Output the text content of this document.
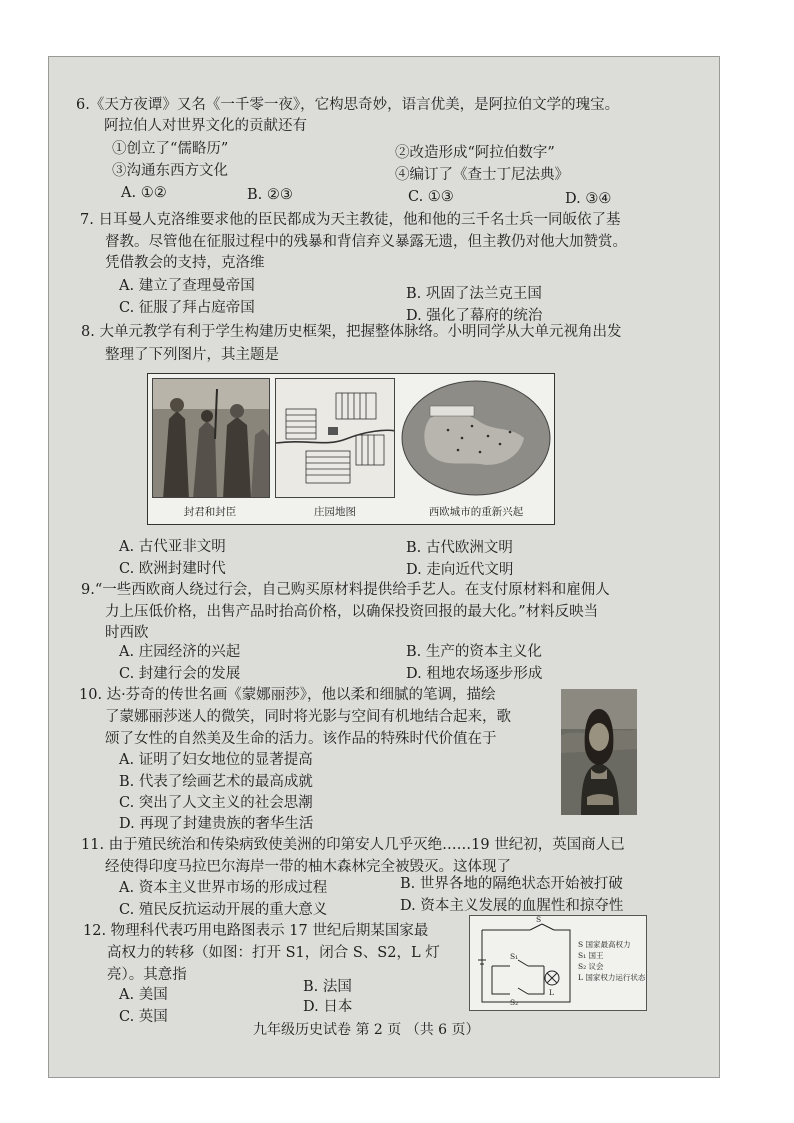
6.《天方夜谭》又名《一千零一夜》，它构思奇妙，语言优美，是阿拉伯文学的瑰宝。
阿拉伯人对世界文化的贡献还有
①创立了“儒略历”	②改造形成“阿拉伯数字”
③沟通东西方文化	④编订了《查士丁尼法典》
A. ①②	B. ②③	C. ①③	D. ③④
7. 日耳曼人克洛维要求他的臣民都成为天主教徒，他和他的三千名士兵一同皈依了基
督教。尽管他在征服过程中的残暴和背信弃义暴露无遗，但主教仍对他大加赞赏。
凭借教会的支持，克洛维
A. 建立了查理曼帝国	B. 巩固了法兰克王国
C. 征服了拜占庭帝国	D. 强化了幕府的统治
8. 大单元教学有利于学生构建历史框架，把握整体脉络。小明同学从大单元视角出发
整理了下列图片，其主题是
封君和封臣	庄园地图	西欧城市的重新兴起
A. 古代亚非文明	B. 古代欧洲文明
C. 欧洲封建时代	D. 走向近代文明
9.“一些西欧商人绕过行会，自己购买原材料提供给手艺人。在支付原材料和雇佣人
力上压低价格，出售产品时抬高价格，以确保投资回报的最大化。”材料反映当
时西欧
A. 庄园经济的兴起	B. 生产的资本主义化
C. 封建行会的发展	D. 租地农场逐步形成
10. 达·芬奇的传世名画《蒙娜丽莎》，他以柔和细腻的笔调，描绘
了蒙娜丽莎迷人的微笑，同时将光影与空间有机地结合起来，歌
颂了女性的自然美及生命的活力。该作品的特殊时代价值在于
A. 证明了妇女地位的显著提高
B. 代表了绘画艺术的最高成就
C. 突出了人文主义的社会思潮
D. 再现了封建贵族的奢华生活
11. 由于殖民统治和传染病致使美洲的印第安人几乎灭绝……19 世纪初，英国商人已
经使得印度马拉巴尔海岸一带的柚木森林完全被毁灭。这体现了
A. 资本主义世界市场的形成过程	B. 世界各地的隔绝状态开始被打破
C. 殖民反抗运动开展的重大意义	D. 资本主义发展的血腥性和掠夺性
12. 物理科代表巧用电路图表示 17 世纪后期某国家最
高权力的转移（如图：打开 S1，闭合 S、S2，L 灯
亮）。其意指
B. 法国
A. 美国
D. 日本
C. 英国
S
S₁
S₂
L
S 国家最高权力
S₁ 国王
S₂ 议会
L 国家权力运行状态
九年级历史试卷 第 2 页 （共 6 页）
